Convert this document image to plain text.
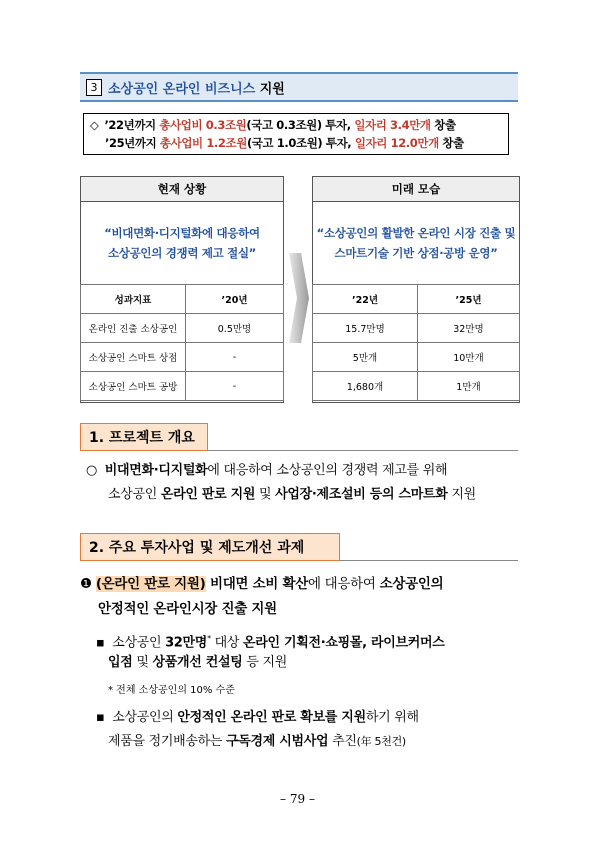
3 소상공인 온라인 비즈니스 지원
◇ ’22년까지 총사업비 0.3조원(국고 0.3조원) 투자, 일자리 3.4만개 창출
’25년까지 총사업비 1.2조원(국고 1.0조원) 투자, 일자리 12.0만개 창출
현재 상황
“비대면화·디지털화에 대응하여
소상공인의 경쟁력 제고 절실”
성과지표	’20년
온라인 진출 소상공인	0.5만명
소상공인 스마트 상점	-
소상공인 스마트 공방	-
미래 모습
“소상공인의 활발한 온라인 시장 진출 및
스마트기술 기반 상점·공방 운영”
’22년	’25년
15.7만명	32만명
5만개	10만개
1,680개	1만개
1. 프로젝트 개요
○ 비대면화·디지털화에 대응하여 소상공인의 경쟁력 제고를 위해
소상공인 온라인 판로 지원 및 사업장·제조설비 등의 스마트화 지원
2. 주요 투자사업 및 제도개선 과제
❶ (온라인 판로 지원) 비대면 소비 확산에 대응하여 소상공인의
안정적인 온라인시장 진출 지원
▪ 소상공인 32만명* 대상 온라인 기획전·쇼핑몰, 라이브커머스
입점 및 상품개선 컨설팅 등 지원
* 전체 소상공인의 10% 수준
▪ 소상공인의 안정적인 온라인 판로 확보를 지원하기 위해
제품을 정기배송하는 구독경제 시범사업 추진(年 5천건)
– 79 –
